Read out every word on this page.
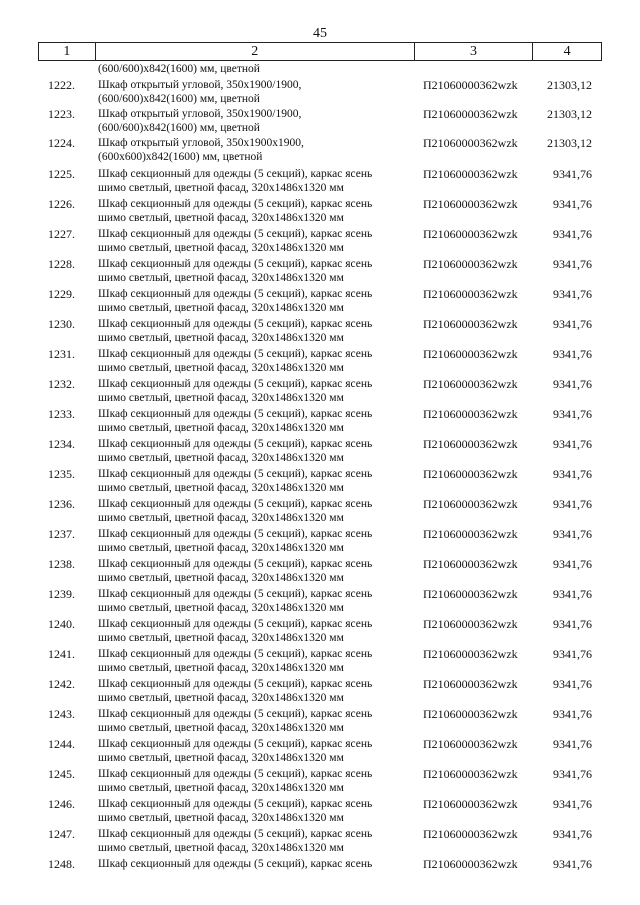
45
1	2	3	4
(600/600)x842(1600) мм, цветной
1222.	Шкаф открытый угловой, 350x1900/1900,
(600/600)x842(1600) мм, цветной
П21060000362wzk 21303,12
1223.	Шкаф открытый угловой, 350x1900/1900,
(600/600)x842(1600) мм, цветной
П21060000362wzk 21303,12
1224.	Шкаф открытый угловой, 350x1900x1900,
(600x600)x842(1600) мм, цветной
П21060000362wzk 21303,12
1225.	Шкаф секционный для одежды (5 секций), каркас ясень
шимо светлый, цветной фасад, 320x1486x1320 мм
П21060000362wzk	9341,76
1226.	Шкаф секционный для одежды (5 секций), каркас ясень
шимо светлый, цветной фасад, 320x1486x1320 мм
П21060000362wzk	9341,76
1227.	Шкаф секционный для одежды (5 секций), каркас ясень
шимо светлый, цветной фасад, 320x1486x1320 мм
П21060000362wzk	9341,76
1228.	Шкаф секционный для одежды (5 секций), каркас ясень
шимо светлый, цветной фасад, 320x1486x1320 мм
П21060000362wzk	9341,76
1229.	Шкаф секционный для одежды (5 секций), каркас ясень
шимо светлый, цветной фасад, 320x1486x1320 мм
П21060000362wzk	9341,76
1230.	Шкаф секционный для одежды (5 секций), каркас ясень
шимо светлый, цветной фасад, 320x1486x1320 мм
П21060000362wzk	9341,76
1231.	Шкаф секционный для одежды (5 секций), каркас ясень
шимо светлый, цветной фасад, 320x1486x1320 мм
П21060000362wzk	9341,76
1232.	Шкаф секционный для одежды (5 секций), каркас ясень
шимо светлый, цветной фасад, 320x1486x1320 мм
П21060000362wzk	9341,76
1233.	Шкаф секционный для одежды (5 секций), каркас ясень
шимо светлый, цветной фасад, 320x1486x1320 мм
П21060000362wzk	9341,76
1234.	Шкаф секционный для одежды (5 секций), каркас ясень
шимо светлый, цветной фасад, 320x1486x1320 мм
П21060000362wzk	9341,76
1235.	Шкаф секционный для одежды (5 секций), каркас ясень
шимо светлый, цветной фасад, 320x1486x1320 мм
П21060000362wzk	9341,76
1236.	Шкаф секционный для одежды (5 секций), каркас ясень
шимо светлый, цветной фасад, 320x1486x1320 мм
П21060000362wzk	9341,76
1237.	Шкаф секционный для одежды (5 секций), каркас ясень
шимо светлый, цветной фасад, 320x1486x1320 мм
П21060000362wzk	9341,76
1238.	Шкаф секционный для одежды (5 секций), каркас ясень
шимо светлый, цветной фасад, 320x1486x1320 мм
П21060000362wzk	9341,76
1239.	Шкаф секционный для одежды (5 секций), каркас ясень
шимо светлый, цветной фасад, 320x1486x1320 мм
П21060000362wzk	9341,76
1240.	Шкаф секционный для одежды (5 секций), каркас ясень
шимо светлый, цветной фасад, 320x1486x1320 мм
П21060000362wzk	9341,76
1241.	Шкаф секционный для одежды (5 секций), каркас ясень
шимо светлый, цветной фасад, 320x1486x1320 мм
П21060000362wzk	9341,76
1242.	Шкаф секционный для одежды (5 секций), каркас ясень
шимо светлый, цветной фасад, 320x1486x1320 мм
П21060000362wzk	9341,76
1243.	Шкаф секционный для одежды (5 секций), каркас ясень
шимо светлый, цветной фасад, 320x1486x1320 мм
П21060000362wzk	9341,76
1244.	Шкаф секционный для одежды (5 секций), каркас ясень
шимо светлый, цветной фасад, 320x1486x1320 мм
П21060000362wzk	9341,76
1245.	Шкаф секционный для одежды (5 секций), каркас ясень
шимо светлый, цветной фасад, 320x1486x1320 мм
П21060000362wzk	9341,76
1246.	Шкаф секционный для одежды (5 секций), каркас ясень
шимо светлый, цветной фасад, 320x1486x1320 мм
П21060000362wzk	9341,76
1247.	Шкаф секционный для одежды (5 секций), каркас ясень
шимо светлый, цветной фасад, 320x1486x1320 мм
П21060000362wzk	9341,76
1248.	Шкаф секционный для одежды (5 секций), каркас ясень	П21060000362wzk	9341,76
